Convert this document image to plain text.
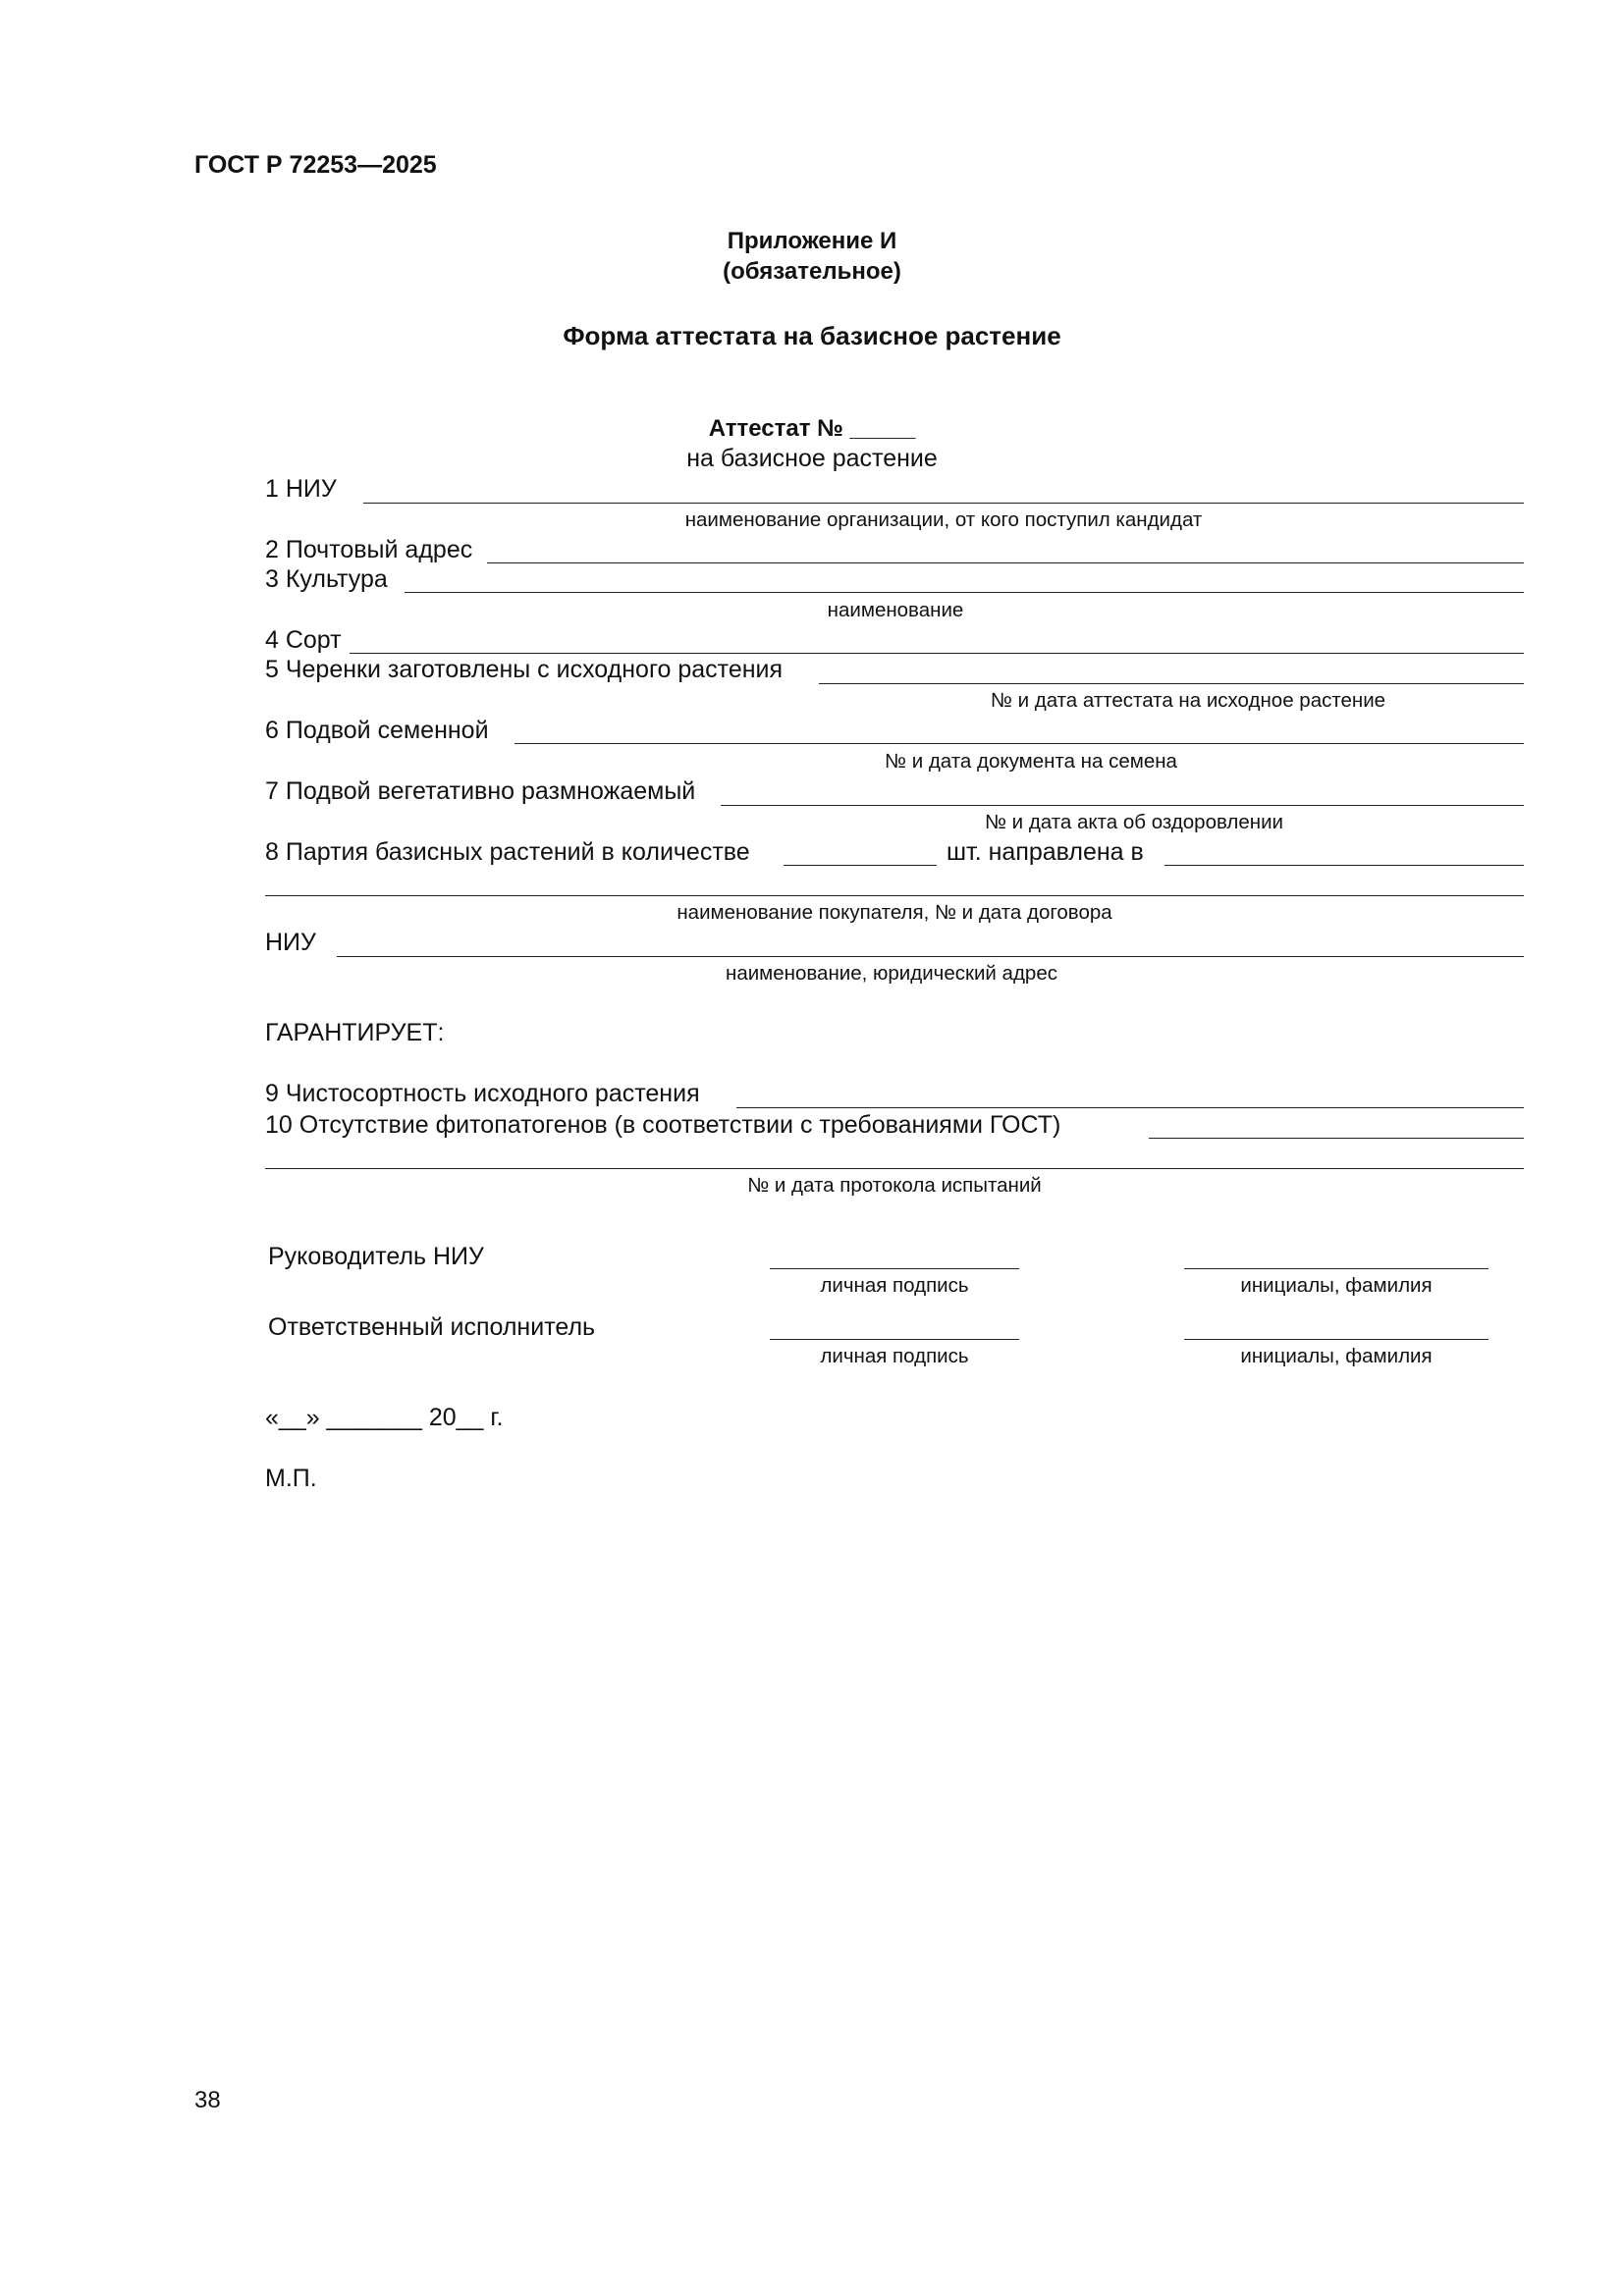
ГОСТ Р 72253—2025
Приложение И
(обязательное)
Форма аттестата на базисное растение
Аттестат № _____
на базисное растение
1 НИУ
наименование организации, от кого поступил кандидат
2 Почтовый адрес
3 Культура
наименование
4 Сорт
5 Черенки заготовлены с исходного растения
№ и дата аттестата на исходное растение
6 Подвой семенной
№ и дата документа на семена
7 Подвой вегетативно размножаемый
№ и дата акта об оздоровлении
8 Партия базисных растений в количестве	шт. направлена в
наименование покупателя, № и дата договора
НИУ
наименование, юридический адрес
ГАРАНТИРУЕТ:
9 Чистосортность исходного растения
10 Отсутствие фитопатогенов (в соответствии с требованиями ГОСТ)
№ и дата протокола испытаний
Руководитель НИУ
личная подпись	инициалы, фамилия
Ответственный исполнитель
личная подпись	инициалы, фамилия
«__» _______ 20__ г.
М.П.
38
